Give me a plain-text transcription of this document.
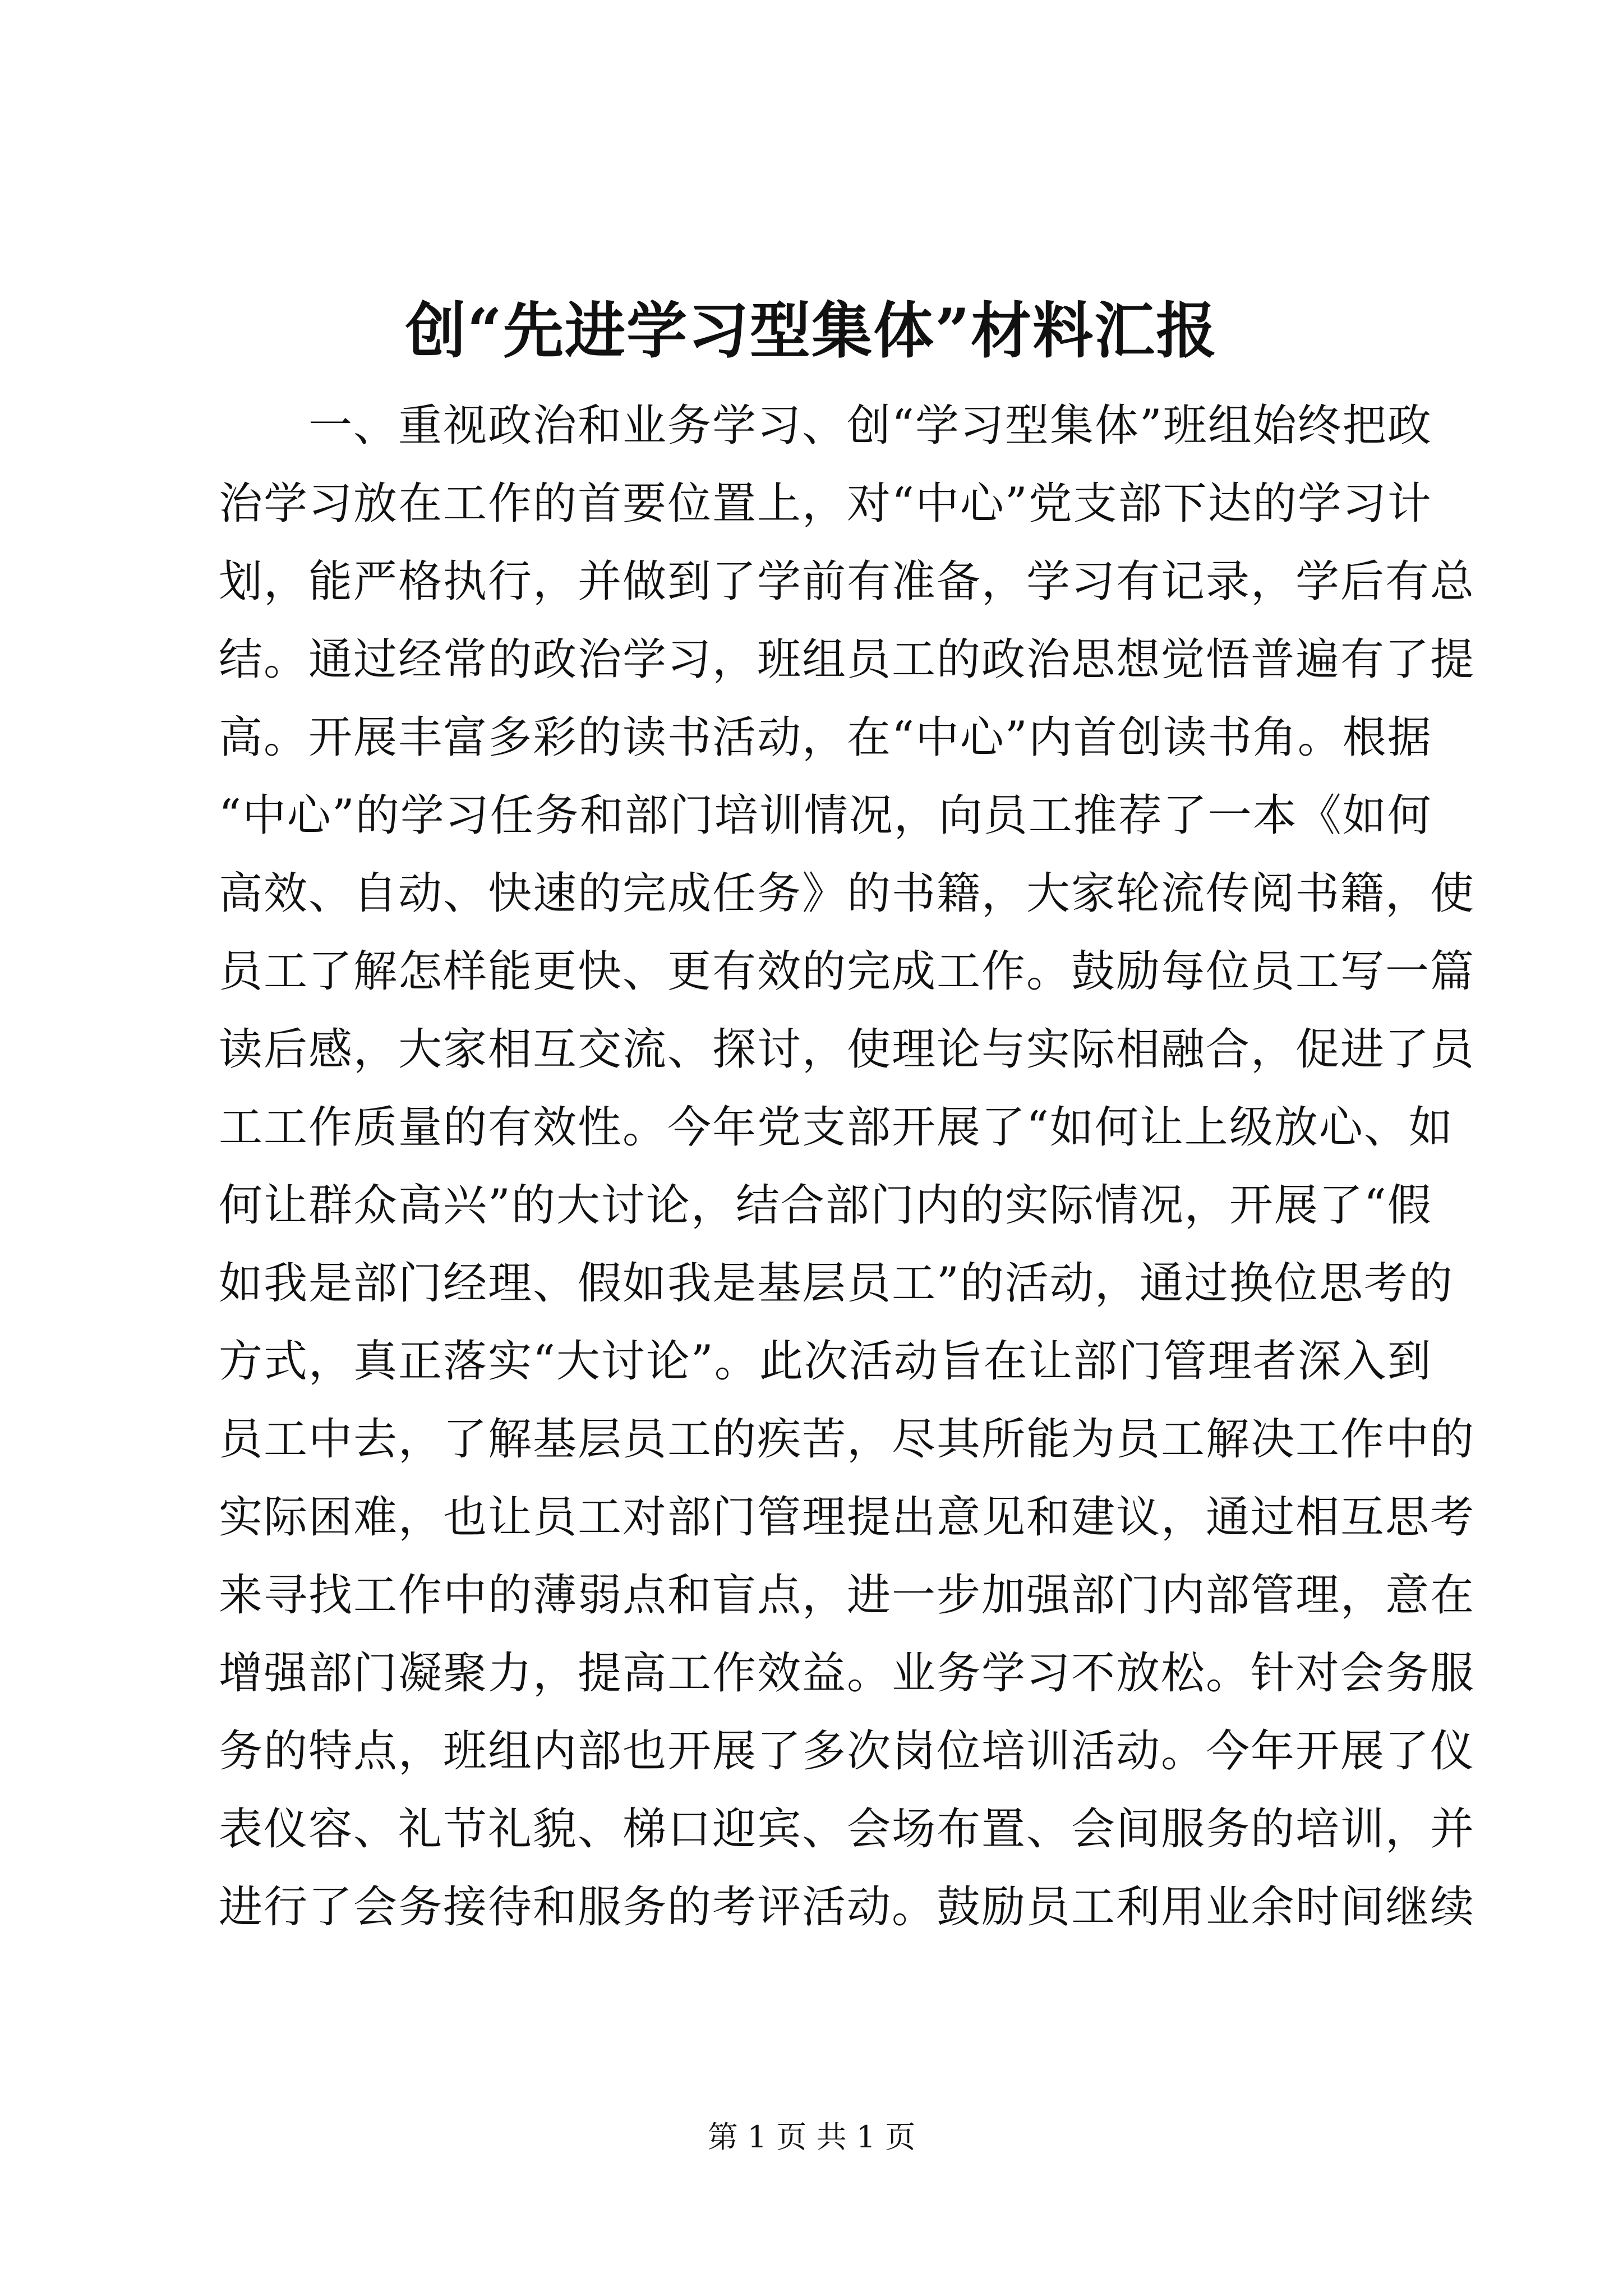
创“先进学习型集体”材料汇报
一、重视政治和业务学习、创“学习型集体”班组始终把政
治学习放在工作的首要位置上，对“中心”党支部下达的学习计
划，能严格执行，并做到了学前有准备，学习有记录，学后有总
结。通过经常的政治学习，班组员工的政治思想觉悟普遍有了提
高。开展丰富多彩的读书活动，在“中心”内首创读书角。根据
“中心”的学习任务和部门培训情况，向员工推荐了一本《如何
高效、自动、快速的完成任务》的书籍，大家轮流传阅书籍，使
员工了解怎样能更快、更有效的完成工作。鼓励每位员工写一篇
读后感，大家相互交流、探讨，使理论与实际相融合，促进了员
工工作质量的有效性。今年党支部开展了“如何让上级放心、如
何让群众高兴”的大讨论，结合部门内的实际情况，开展了“假
如我是部门经理、假如我是基层员工”的活动，通过换位思考的
方式，真正落实“大讨论”。此次活动旨在让部门管理者深入到
员工中去，了解基层员工的疾苦，尽其所能为员工解决工作中的
实际困难，也让员工对部门管理提出意见和建议，通过相互思考
来寻找工作中的薄弱点和盲点，进一步加强部门内部管理，意在
增强部门凝聚力，提高工作效益。业务学习不放松。针对会务服
务的特点，班组内部也开展了多次岗位培训活动。今年开展了仪
表仪容、礼节礼貌、梯口迎宾、会场布置、会间服务的培训，并
进行了会务接待和服务的考评活动。鼓励员工利用业余时间继续
第 1 页 共 1 页
